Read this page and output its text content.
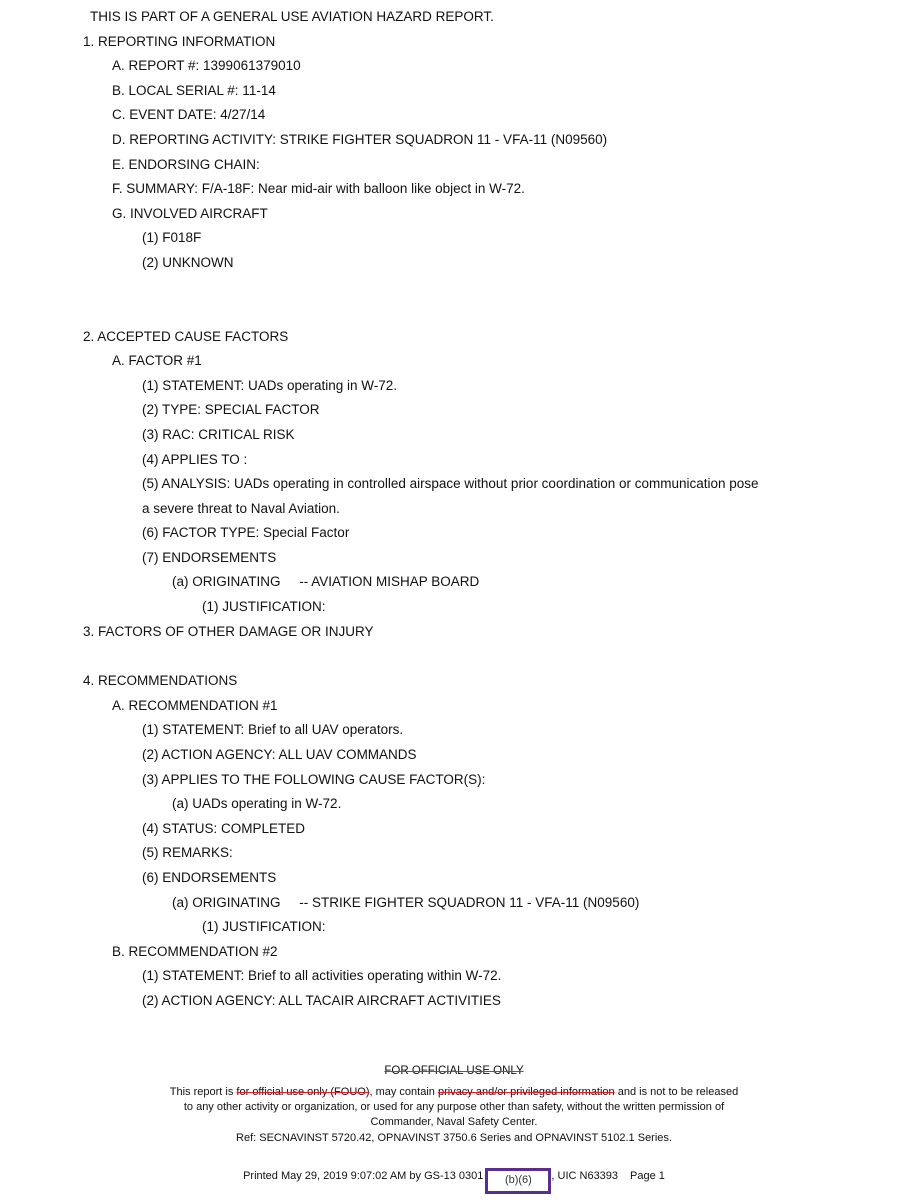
THIS IS PART OF A GENERAL USE AVIATION HAZARD REPORT.
1. REPORTING INFORMATION
A. REPORT #: 1399061379010
B. LOCAL SERIAL #: 11-14
C. EVENT DATE: 4/27/14
D. REPORTING ACTIVITY: STRIKE FIGHTER SQUADRON 11 - VFA-11 (N09560)
E. ENDORSING CHAIN:
F. SUMMARY: F/A-18F: Near mid-air with balloon like object in W-72.
G. INVOLVED AIRCRAFT
(1) F018F
(2) UNKNOWN
2. ACCEPTED CAUSE FACTORS
A. FACTOR #1
(1) STATEMENT: UADs operating in W-72.
(2) TYPE: SPECIAL FACTOR
(3) RAC: CRITICAL RISK
(4) APPLIES TO :
(5) ANALYSIS: UADs operating in controlled airspace without prior coordination or communication pose
a severe threat to Naval Aviation.
(6) FACTOR TYPE: Special Factor
(7) ENDORSEMENTS
(a) ORIGINATING     -- AVIATION MISHAP BOARD
(1) JUSTIFICATION:
3. FACTORS OF OTHER DAMAGE OR INJURY
4. RECOMMENDATIONS
A. RECOMMENDATION #1
(1) STATEMENT: Brief to all UAV operators.
(2) ACTION AGENCY: ALL UAV COMMANDS
(3) APPLIES TO THE FOLLOWING CAUSE FACTOR(S):
(a) UADs operating in W-72.
(4) STATUS: COMPLETED
(5) REMARKS:
(6) ENDORSEMENTS
(a) ORIGINATING     -- STRIKE FIGHTER SQUADRON 11 - VFA-11 (N09560)
(1) JUSTIFICATION:
B. RECOMMENDATION #2
(1) STATEMENT: Brief to all activities operating within W-72.
(2) ACTION AGENCY: ALL TACAIR AIRCRAFT ACTIVITIES
FOR OFFICIAL USE ONLY
This report is for official use only (FOUO), may contain privacy and/or privileged information and is not to be released
to any other activity or organization, or used for any purpose other than safety, without the written permission of
Commander, Naval Safety Center.
Ref: SECNAVINST 5720.42, OPNAVINST 3750.6 Series and OPNAVINST 5102.1 Series.
Printed May 29, 2019 9:07:02 AM by GS-13 0301 (b)(6) , UIC N63393 Page 1
